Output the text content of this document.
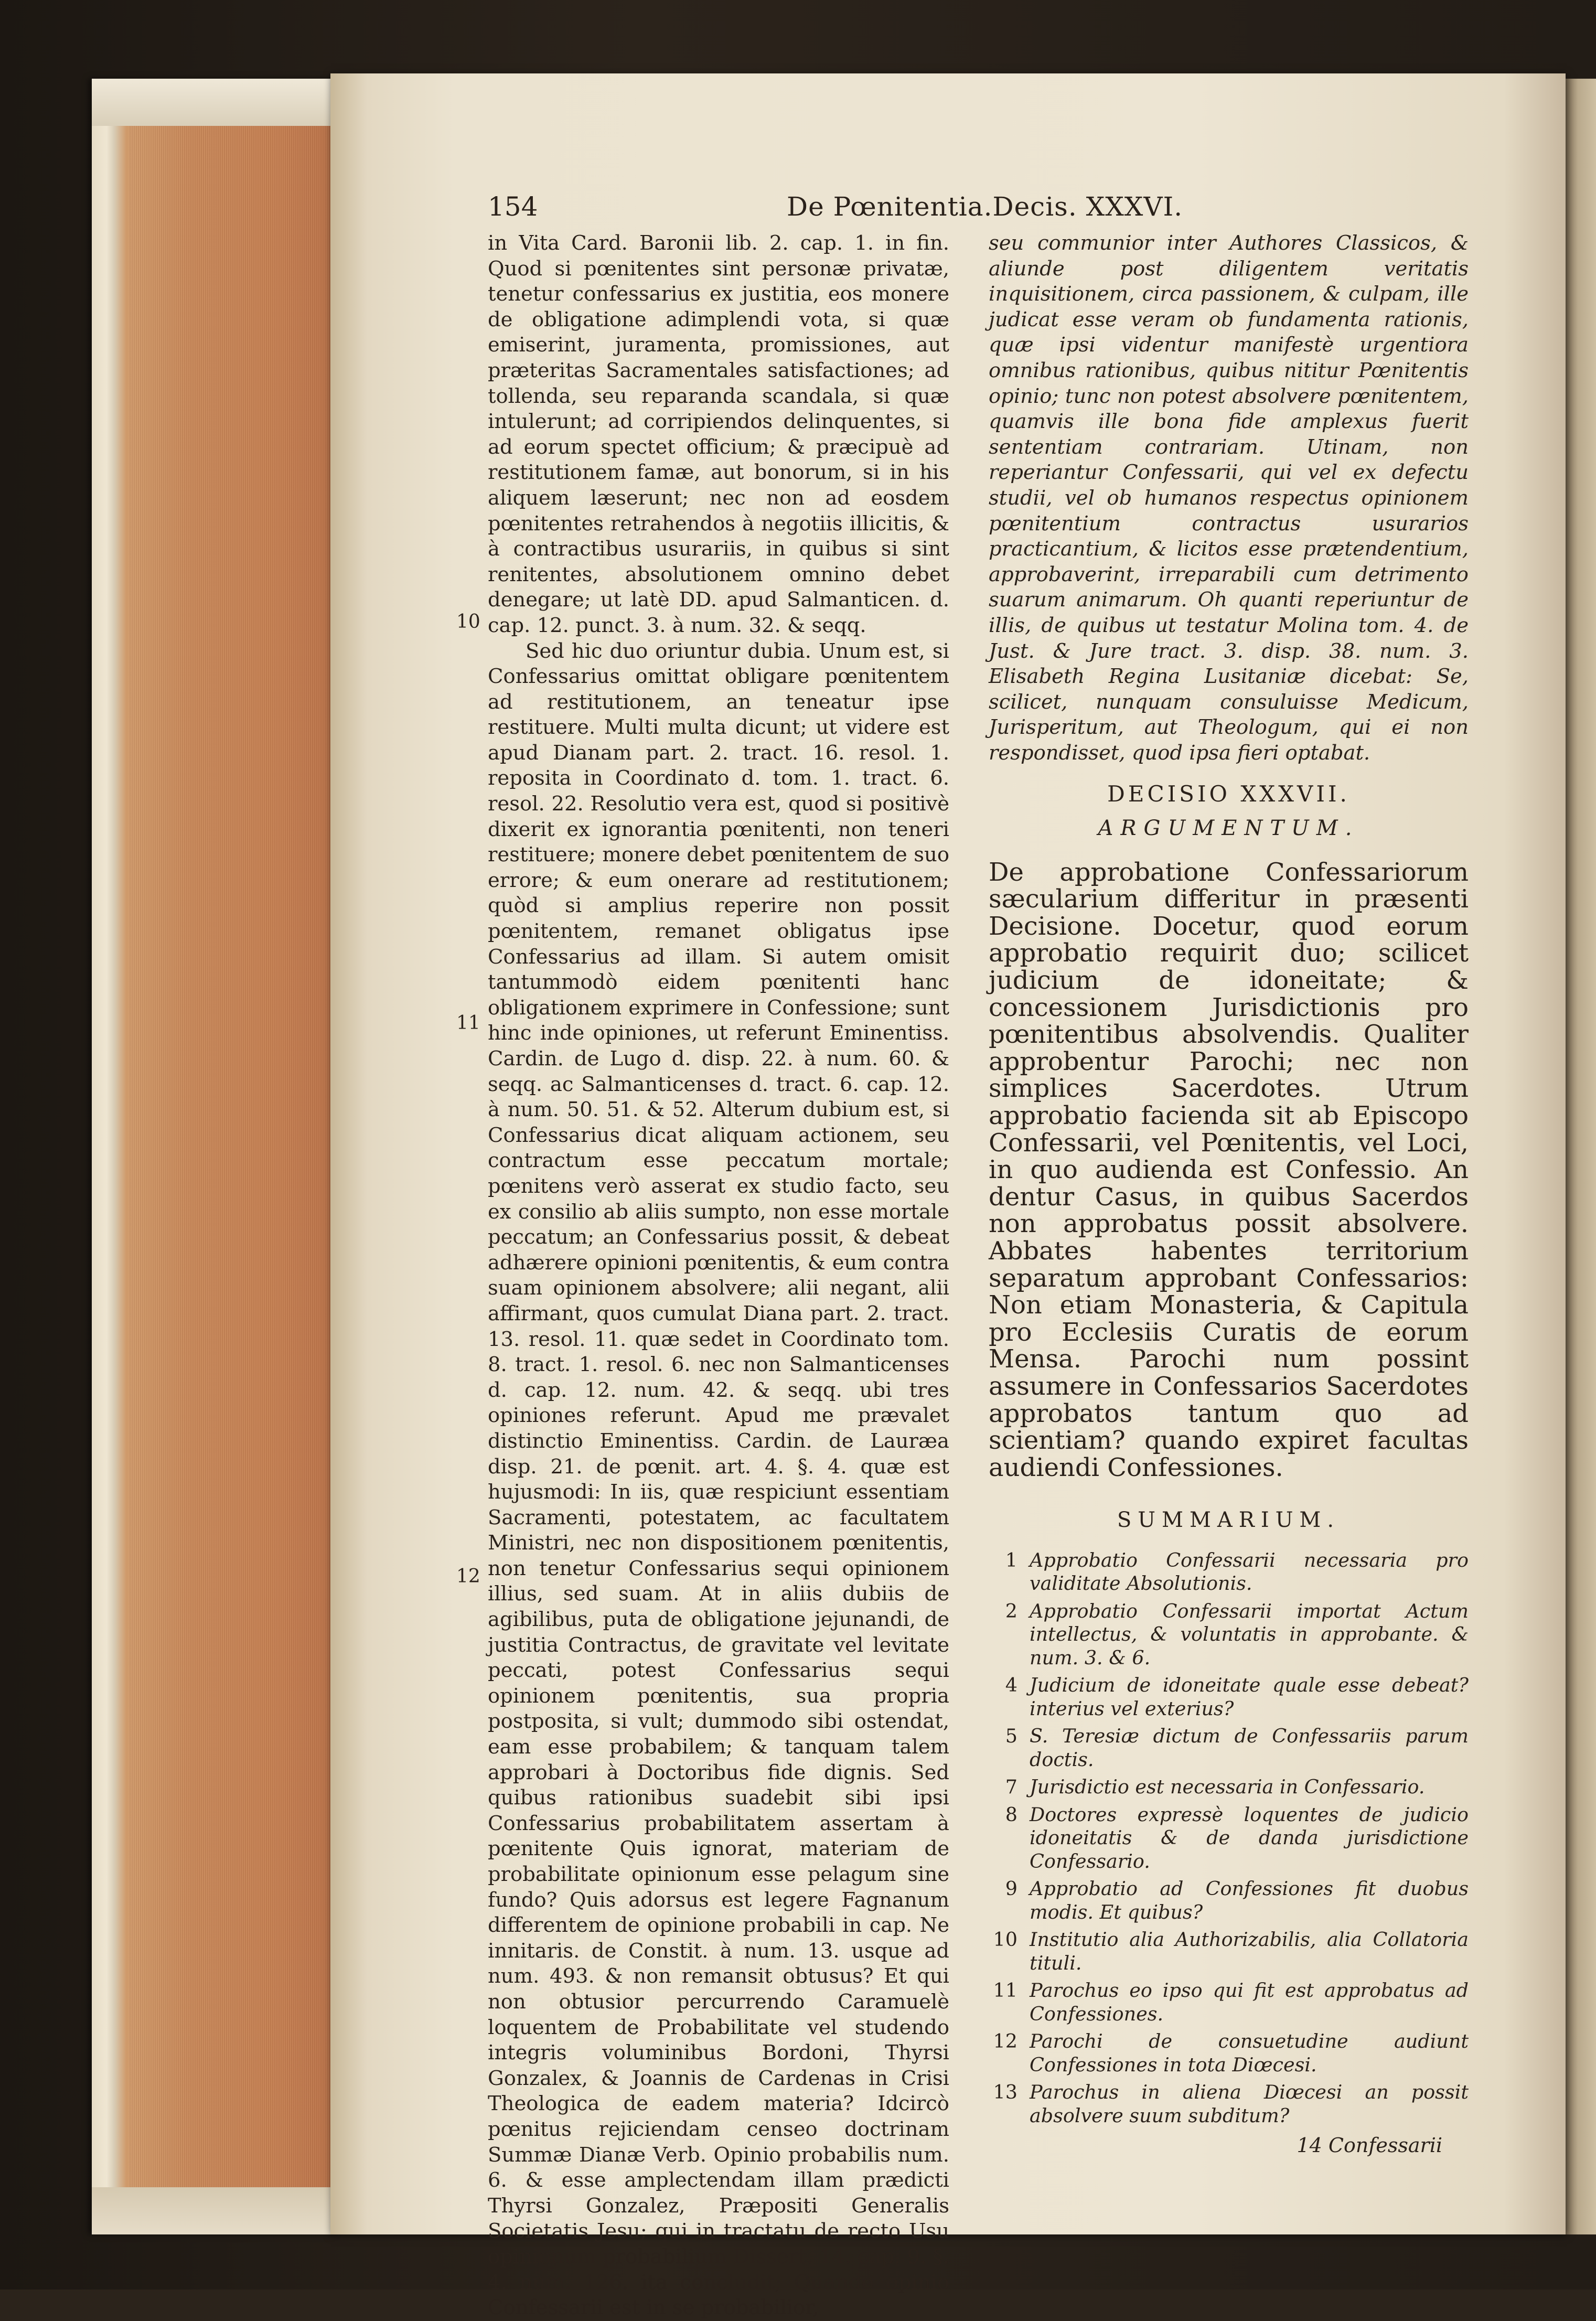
154	De Pœnitentia.Decis. XXXVI.
10
11
12

in Vita Card. Baronii lib. 2. cap. 1. in fin. Quod si pœnitentes sint personæ privatæ, tenetur confessarius ex justitia, eos monere de obligatione adimplendi vota, si quæ emiserint, juramenta, promissiones, aut præteritas Sacramentales satisfactiones; ad tollenda, seu reparanda scandala, si quæ intulerunt; ad corripiendos delinquentes, si ad eorum spectet officium; & præcipuè ad restitutionem famæ, aut bonorum, si in his aliquem læserunt; nec non ad eosdem pœnitentes retrahendos à negotiis illicitis, & à contractibus usurariis, in quibus si sint renitentes, absolutionem omnino debet denegare; ut latè DD. apud Salmanticen. d. cap. 12. punct. 3. à num. 32. & seqq.

Sed hic duo oriuntur dubia. Unum est, si Confessarius omittat obligare pœnitentem ad restitutionem, an teneatur ipse restituere. Multi multa dicunt; ut videre est apud Dianam part. 2. tract. 16. resol. 1. reposita in Coordinato d. tom. 1. tract. 6. resol. 22. Resolutio vera est, quod si positivè dixerit ex ignorantia pœnitenti, non teneri restituere; monere debet pœnitentem de suo errore; & eum onerare ad restitutionem; quòd si amplius reperire non possit pœnitentem, remanet obligatus ipse Confessarius ad illam. Si autem omisit tantummodò eidem pœnitenti hanc obligationem exprimere in Confessione; sunt hinc inde opiniones, ut referunt Eminentiss. Cardin. de Lugo d. disp. 22. à num. 60. & seqq. ac Salmanticenses d. tract. 6. cap. 12. à num. 50. 51. & 52. Alterum dubium est, si Confessarius dicat aliquam actionem, seu contractum esse peccatum mortale; pœnitens verò asserat ex studio facto, seu ex consilio ab aliis sumpto, non esse mortale peccatum; an Confessarius possit, & debeat adhærere opinioni pœnitentis, & eum contra suam opinionem absolvere; alii negant, alii affirmant, quos cumulat Diana part. 2. tract. 13. resol. 11. quæ sedet in Coordinato tom. 8. tract. 1. resol. 6. nec non Salmanticenses d. cap. 12. num. 42. & seqq. ubi tres opiniones referunt. Apud me prævalet distinctio Eminentiss. Cardin. de Lauræa disp. 21. de pœnit. art. 4. §. 4. quæ est hujusmodi: In iis, quæ respiciunt essentiam Sacramenti, potestatem, ac facultatem Ministri, nec non dispositionem pœnitentis, non tenetur Confessarius sequi opinionem illius, sed suam. At in aliis dubiis de agibilibus, puta de obligatione jejunandi, de justitia Contractus, de gravitate vel levitate peccati, potest Confessarius sequi opinionem pœnitentis, sua propria postposita, si vult; dummodo sibi ostendat, eam esse probabilem; & tanquam talem approbari à Doctoribus fide dignis. Sed quibus rationibus suadebit sibi ipsi Confessarius probabilitatem assertam à pœnitente Quis ignorat, materiam de probabilitate opinionum esse pelagum sine fundo? Quis adorsus est legere Fagnanum differentem de opinione probabili in cap. Ne innitaris. de Constit. à num. 13. usque ad num. 493. & non remansit obtusus? Et qui non obtusior percurrendo Caramuelè loquentem de Probabilitate vel studendo integris voluminibus Bordoni, Thyrsi Gonzalex, & Joannis de Cardenas in Crisi Theologica de eadem materia? Idcircò pœnitus rejiciendam censeo doctrinam Summæ Dianæ Verb. Opinio probabilis num. 6. & esse amplectendam illam prædicti Thyrsi Gonzalez, Præpositi Generalis Societatis Jesu; qui in tractatu de recto Usu opinionum probabilium Dissert. 14. cap. 9. §. 4. num. 126. ita concludit; Quando opinio Confessarii est in se probabilior,

seu communior inter Authores Classicos, & aliunde post diligentem veritatis inquisitionem, circa passionem, & culpam, ille judicat esse veram ob fundamenta rationis, quæ ipsi videntur manifestè urgentiora omnibus rationibus, quibus nititur Pœnitentis opinio; tunc non potest absolvere pœnitentem, quamvis ille bona fide amplexus fuerit sententiam contrariam. Utinam, non reperiantur Confessarii, qui vel ex defectu studii, vel ob humanos respectus opinionem pœnitentium contractus usurarios practicantium, & licitos esse prætendentium, approbaverint, irreparabili cum detrimento suarum animarum. Oh quanti reperiuntur de illis, de quibus ut testatur Molina tom. 4. de Just. & Jure tract. 3. disp. 38. num. 3. Elisabeth Regina Lusitaniæ dicebat: Se, scilicet, nunquam consuluisse Medicum, Jurisperitum, aut Theologum, qui ei non respondisset, quod ipsa fieri optabat.

DECISIO XXXVII.
ARGUMENTUM.
De approbatione Confessariorum sæcularium differitur in præsenti Decisione. Docetur, quod eorum approbatio requirit duo; scilicet judicium de idoneitate; & concessionem Jurisdictionis pro pœnitentibus absolvendis. Qualiter approbentur Parochi; nec non simplices Sacerdotes. Utrum approbatio facienda sit ab Episcopo Confessarii, vel Pœnitentis, vel Loci, in quo audienda est Confessio. An dentur Casus, in quibus Sacerdos non approbatus possit absolvere. Abbates habentes territorium separatum approbant Confessarios: Non etiam Monasteria, & Capitula pro Ecclesiis Curatis de eorum Mensa. Parochi num possint assumere in Confessarios Sacerdotes approbatos tantum quo ad scientiam? quando expiret facultas audiendi Confessiones.
SUMMARIUM.
1 Approbatio Confessarii necessaria pro validitate Absolutionis.
2 Approbatio Confessarii importat Actum intellectus, & voluntatis in approbante. & num. 3. & 6.
4 Judicium de idoneitate quale esse debeat? interius vel exterius?
5 S. Teresiæ dictum de Confessariis parum doctis.
7 Jurisdictio est necessaria in Confessario.
8 Doctores expressè loquentes de judicio idoneitatis & de danda jurisdictione Confessario.
9 Approbatio ad Confessiones fit duobus modis. Et quibus?
10 Institutio alia Authorizabilis, alia Collatoria tituli.
11 Parochus eo ipso qui fit est approbatus ad Confessiones.
12 Parochi de consuetudine audiunt Confessiones in tota Diœcesi.
13 Parochus in aliena Diœcesi an possit absolvere suum subditum?
14 Confessarii
